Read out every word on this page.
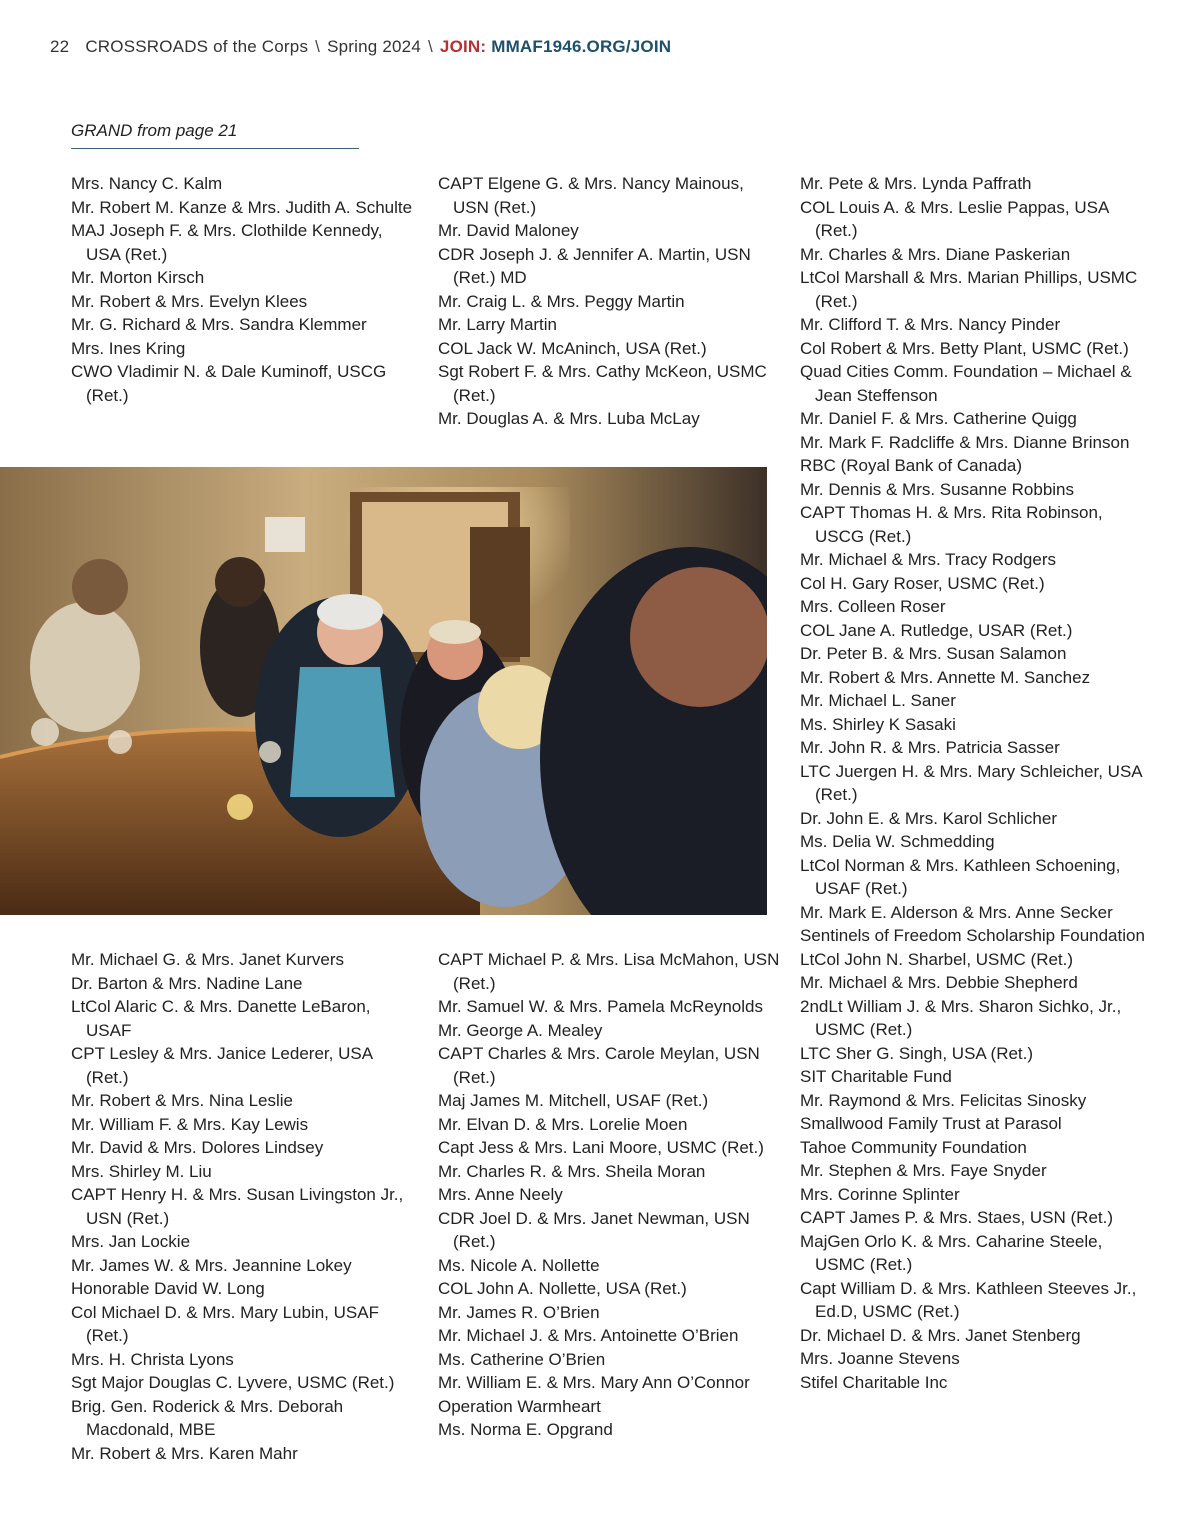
22 CROSSROADS of the Corps \ Spring 2024 \ JOIN: MMAF1946.ORG/JOIN
GRAND from page 21
Mrs. Nancy C. Kalm
Mr. Robert M. Kanze & Mrs. Judith A. Schulte
MAJ Joseph F. & Mrs. Clothilde Kennedy, USA (Ret.)
Mr. Morton Kirsch
Mr. Robert & Mrs. Evelyn Klees
Mr. G. Richard & Mrs. Sandra Klemmer
Mrs. Ines Kring
CWO Vladimir N. & Dale Kuminoff, USCG (Ret.)
CAPT Elgene G. & Mrs. Nancy Mainous, USN (Ret.)
Mr. David Maloney
CDR Joseph J. & Jennifer A. Martin, USN (Ret.) MD
Mr. Craig L. & Mrs. Peggy Martin
Mr. Larry Martin
COL Jack W. McAninch, USA (Ret.)
Sgt Robert F. & Mrs. Cathy McKeon, USMC (Ret.)
Mr. Douglas A. & Mrs. Luba McLay
Mr. Pete & Mrs. Lynda Paffrath
COL Louis A. & Mrs. Leslie Pappas, USA (Ret.)
Mr. Charles & Mrs. Diane Paskerian
LtCol Marshall & Mrs. Marian Phillips, USMC (Ret.)
Mr. Clifford T. & Mrs. Nancy Pinder
Col Robert & Mrs. Betty Plant, USMC (Ret.)
Quad Cities Comm. Foundation – Michael & Jean Steffenson
Mr. Daniel F. & Mrs. Catherine Quigg
Mr. Mark F. Radcliffe & Mrs. Dianne Brinson
RBC (Royal Bank of Canada)
Mr. Dennis & Mrs. Susanne Robbins
CAPT Thomas H. & Mrs. Rita Robinson, USCG (Ret.)
Mr. Michael & Mrs. Tracy Rodgers
Col H. Gary Roser, USMC (Ret.)
Mrs. Colleen Roser
COL Jane A. Rutledge, USAR (Ret.)
Dr. Peter B. & Mrs. Susan Salamon
Mr. Robert & Mrs. Annette M. Sanchez
Mr. Michael L. Saner
Ms. Shirley K Sasaki
Mr. John R. & Mrs. Patricia Sasser
LTC Juergen H. & Mrs. Mary Schleicher, USA (Ret.)
Dr. John E. & Mrs. Karol Schlicher
Ms. Delia W. Schmedding
LtCol Norman & Mrs. Kathleen Schoening, USAF (Ret.)
Mr. Mark E. Alderson & Mrs. Anne Secker
Sentinels of Freedom Scholarship Foundation
LtCol John N. Sharbel, USMC (Ret.)
Mr. Michael & Mrs. Debbie Shepherd
2ndLt William J. & Mrs. Sharon Sichko, Jr., USMC (Ret.)
LTC Sher G. Singh, USA (Ret.)
SIT Charitable Fund
Mr. Raymond & Mrs. Felicitas Sinosky
Smallwood Family Trust at Parasol
Tahoe Community Foundation
Mr. Stephen & Mrs. Faye Snyder
Mrs. Corinne Splinter
CAPT James P. & Mrs. Staes, USN (Ret.)
MajGen Orlo K. & Mrs. Caharine Steele, USMC (Ret.)
Capt William D. & Mrs. Kathleen Steeves Jr., Ed.D, USMC (Ret.)
Dr. Michael D. & Mrs. Janet Stenberg
Mrs. Joanne Stevens
Stifel Charitable Inc
Mr. Michael G. & Mrs. Janet Kurvers
Dr. Barton & Mrs. Nadine Lane
LtCol Alaric C. & Mrs. Danette LeBaron, USAF
CPT Lesley & Mrs. Janice Lederer, USA (Ret.)
Mr. Robert & Mrs. Nina Leslie
Mr. William F. & Mrs. Kay Lewis
Mr. David & Mrs. Dolores Lindsey
Mrs. Shirley M. Liu
CAPT Henry H. & Mrs. Susan Livingston Jr., USN (Ret.)
Mrs. Jan Lockie
Mr. James W. & Mrs. Jeannine Lokey
Honorable David W. Long
Col Michael D. & Mrs. Mary Lubin, USAF (Ret.)
Mrs. H. Christa Lyons
Sgt Major Douglas C. Lyvere, USMC (Ret.)
Brig. Gen. Roderick & Mrs. Deborah Macdonald, MBE
Mr. Robert & Mrs. Karen Mahr
CAPT Michael P. & Mrs. Lisa McMahon, USN (Ret.)
Mr. Samuel W. & Mrs. Pamela McReynolds
Mr. George A. Mealey
CAPT Charles & Mrs. Carole Meylan, USN (Ret.)
Maj James M. Mitchell, USAF (Ret.)
Mr. Elvan D. & Mrs. Lorelie Moen
Capt Jess & Mrs. Lani Moore, USMC (Ret.)
Mr. Charles R. & Mrs. Sheila Moran
Mrs. Anne Neely
CDR Joel D. & Mrs. Janet Newman, USN (Ret.)
Ms. Nicole A. Nollette
COL John A. Nollette, USA (Ret.)
Mr. James R. O’Brien
Mr. Michael J. & Mrs. Antoinette O’Brien
Ms. Catherine O’Brien
Mr. William E. & Mrs. Mary Ann O’Connor
Operation Warmheart
Ms. Norma E. Opgrand
